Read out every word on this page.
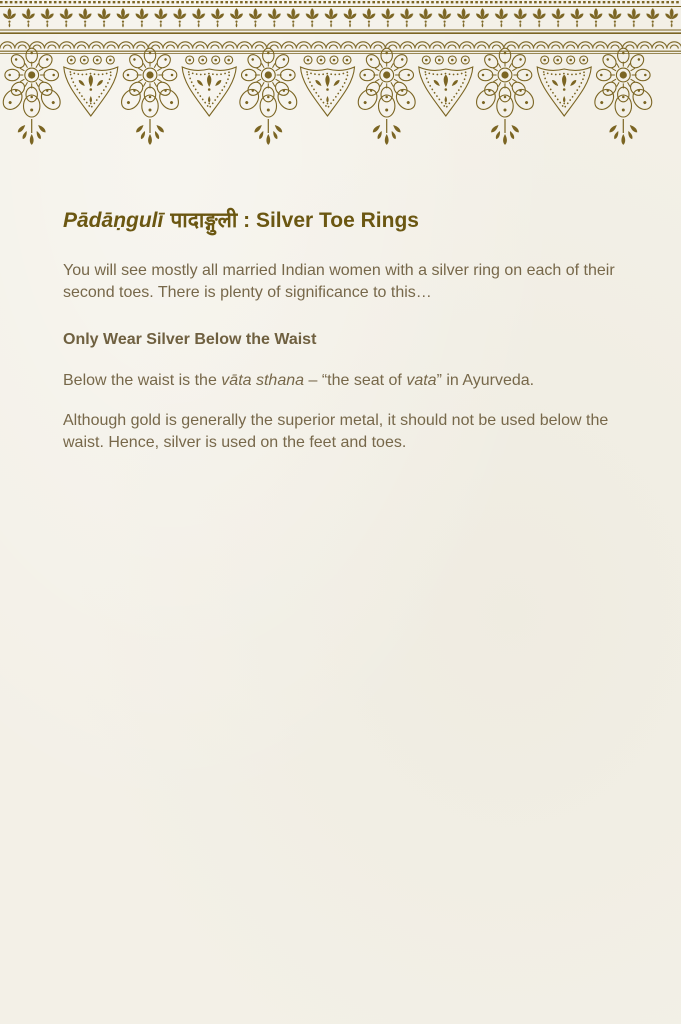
Pādāṇgulī पादाङ्गुली : Silver Toe Rings

You will see mostly all married Indian women with a silver ring on each of their second toes. There is plenty of significance to this…

Only Wear Silver Below the Waist

Below the waist is the vāta sthana – “the seat of vata” in Ayurveda.

Although gold is generally the superior metal, it should not be used below the waist. Hence, silver is used on the feet and toes.
